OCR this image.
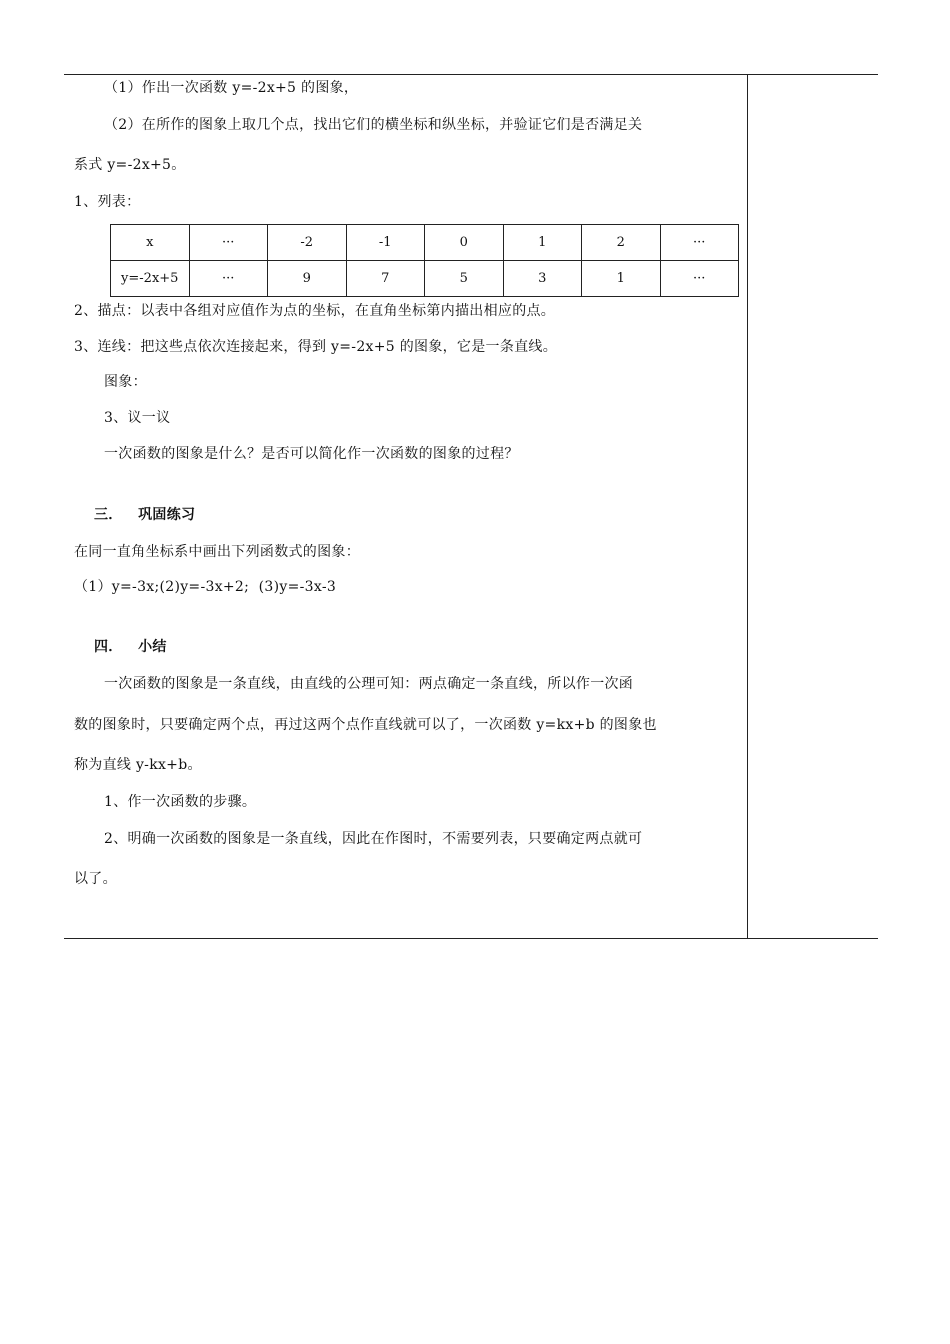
（1）作出一次函数 y=-2x+5 的图象，
（2）在所作的图象上取几个点，找出它们的横坐标和纵坐标，并验证它们是否满足关
系式 y=-2x+5。
1、列表：
x	···	-2	-1	0	1	2	···
y=-2x+5	···	9	7	5	3	1	···
2、描点：以表中各组对应值作为点的坐标，在直角坐标第内描出相应的点。
3、连线：把这些点依次连接起来，得到 y=-2x+5 的图象，它是一条直线。
图象：
3、议一议
一次函数的图象是什么？是否可以简化作一次函数的图象的过程？
三．   巩固练习
在同一直角坐标系中画出下列函数式的图象：
（1）y=-3x;(2)y=-3x+2;  (3)y=-3x-3
四．   小结
一次函数的图象是一条直线，由直线的公理可知：两点确定一条直线，所以作一次函
数的图象时，只要确定两个点，再过这两个点作直线就可以了，一次函数 y=kx+b 的图象也
称为直线 y-kx+b。
1、作一次函数的步骤。
2、明确一次函数的图象是一条直线，因此在作图时，不需要列表，只要确定两点就可
以了。
